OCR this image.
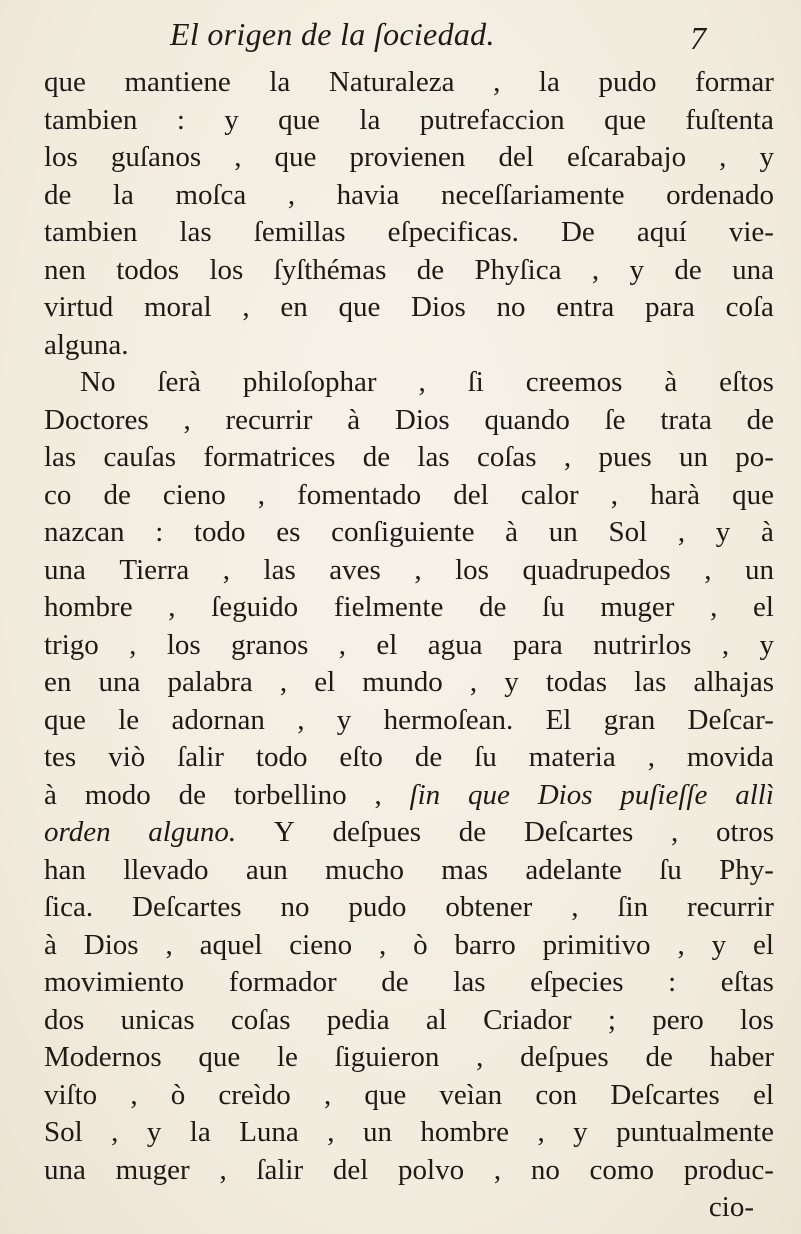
El origen de la ſociedad.	7
que mantiene la Naturaleza , la pudo formar
tambien : y que la putrefaccion que fuſtenta
los guſanos , que provienen del eſcarabajo , y
de la moſca , havia neceſſariamente ordenado
tambien las ſemillas eſpecificas. De aquí vie-
nen todos los ſyſthémas de Phyſica , y de una
virtud moral , en que Dios no entra para coſa
alguna.
No ſerà philoſophar , ſi creemos à eſtos
Doctores , recurrir à Dios quando ſe trata de
las cauſas formatrices de las coſas , pues un po-
co de cieno , fomentado del calor , harà que
nazcan : todo es conſiguiente à un Sol , y à
una Tierra , las aves , los quadrupedos , un
hombre , ſeguido fielmente de ſu muger , el
trigo , los granos , el agua para nutrirlos , y
en una palabra , el mundo , y todas las alhajas
que le adornan , y hermoſean. El gran Deſcar-
tes viò ſalir todo eſto de ſu materia , movida
à modo de torbellino , ſin que Dios puſieſſe allì
orden alguno. Y deſpues de Deſcartes , otros
han llevado aun mucho mas adelante ſu Phy-
ſica. Deſcartes no pudo obtener , ſin recurrir
à Dios , aquel cieno , ò barro primitivo , y el
movimiento formador de las eſpecies : eſtas
dos unicas coſas pedia al Criador ; pero los
Modernos que le ſiguieron , deſpues de haber
viſto , ò creìdo , que veìan con Deſcartes el
Sol , y la Luna , un hombre , y puntualmente
una muger , ſalir del polvo , no como produc-
cio-
